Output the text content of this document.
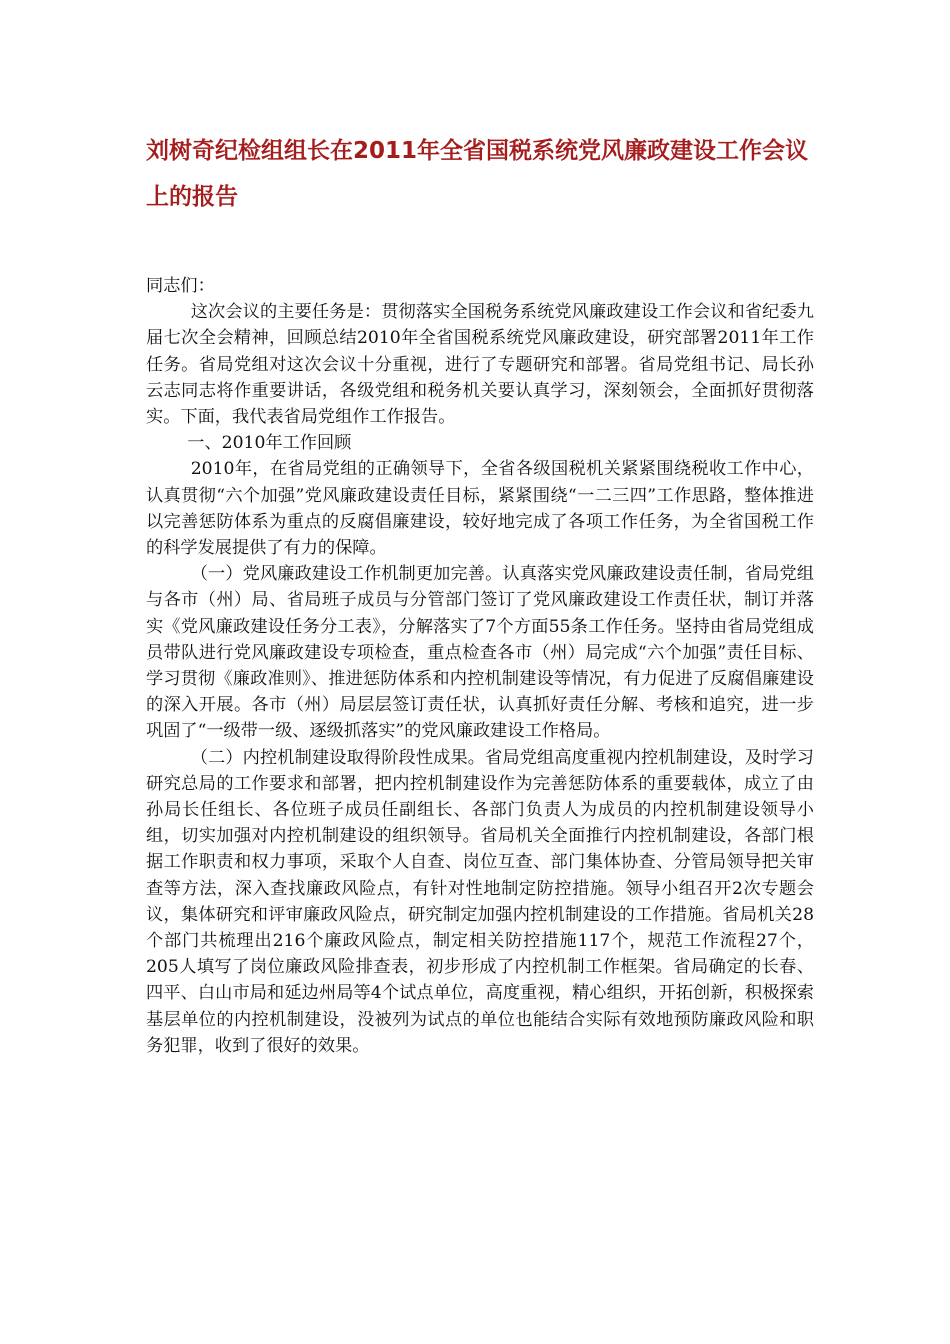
刘树奇纪检组组长在2011年全省国税系统党风廉政建设工作会议上的报告

同志们：

这次会议的主要任务是：贯彻落实全国税务系统党风廉政建设工作会议和省纪委九届七次全会精神，回顾总结2010年全省国税系统党风廉政建设，研究部署2011年工作任务。省局党组对这次会议十分重视，进行了专题研究和部署。省局党组书记、局长孙云志同志将作重要讲话，各级党组和税务机关要认真学习，深刻领会，全面抓好贯彻落实。下面，我代表省局党组作工作报告。

一、2010年工作回顾

2010年，在省局党组的正确领导下，全省各级国税机关紧紧围绕税收工作中心，认真贯彻“六个加强”党风廉政建设责任目标，紧紧围绕“一二三四”工作思路，整体推进以完善惩防体系为重点的反腐倡廉建设，较好地完成了各项工作任务，为全省国税工作的科学发展提供了有力的保障。

（一）党风廉政建设工作机制更加完善。认真落实党风廉政建设责任制，省局党组与各市（州）局、省局班子成员与分管部门签订了党风廉政建设工作责任状，制订并落实《党风廉政建设任务分工表》，分解落实了7个方面55条工作任务。坚持由省局党组成员带队进行党风廉政建设专项检查，重点检查各市（州）局完成“六个加强”责任目标、学习贯彻《廉政准则》、推进惩防体系和内控机制建设等情况，有力促进了反腐倡廉建设的深入开展。各市（州）局层层签订责任状，认真抓好责任分解、考核和追究，进一步巩固了“一级带一级、逐级抓落实”的党风廉政建设工作格局。

（二）内控机制建设取得阶段性成果。省局党组高度重视内控机制建设，及时学习研究总局的工作要求和部署，把内控机制建设作为完善惩防体系的重要载体，成立了由孙局长任组长、各位班子成员任副组长、各部门负责人为成员的内控机制建设领导小组，切实加强对内控机制建设的组织领导。省局机关全面推行内控机制建设，各部门根据工作职责和权力事项，采取个人自查、岗位互查、部门集体协查、分管局领导把关审查等方法，深入查找廉政风险点，有针对性地制定防控措施。领导小组召开2次专题会议，集体研究和评审廉政风险点，研究制定加强内控机制建设的工作措施。省局机关28个部门共梳理出216个廉政风险点，制定相关防控措施117个，规范工作流程27个，205人填写了岗位廉政风险排查表，初步形成了内控机制工作框架。省局确定的长春、四平、白山市局和延边州局等4个试点单位，高度重视，精心组织，开拓创新，积极探索基层单位的内控机制建设，没被列为试点的单位也能结合实际有效地预防廉政风险和职务犯罪，收到了很好的效果。
